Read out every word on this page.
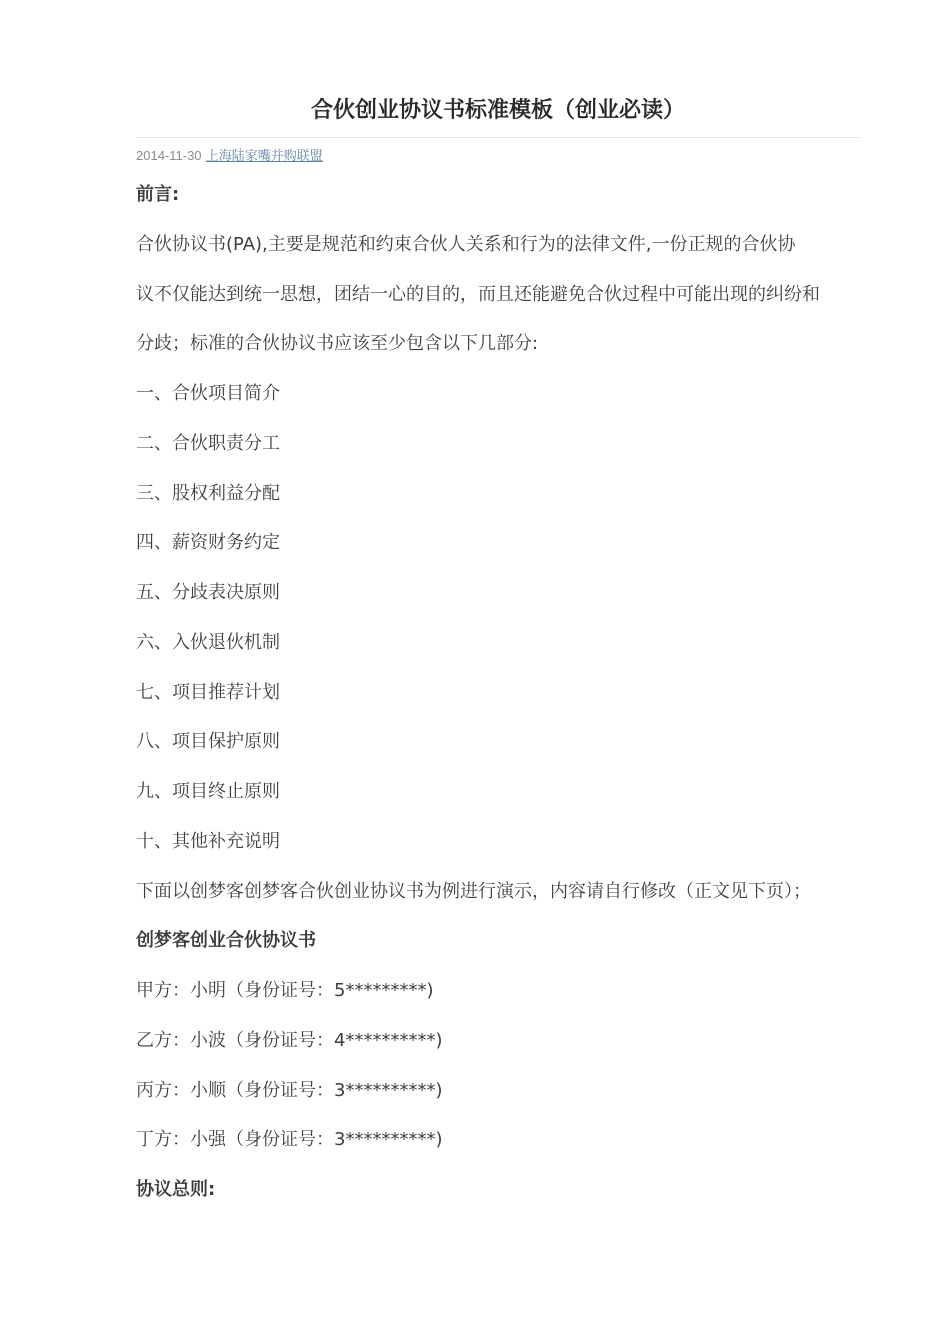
合伙创业协议书标准模板（创业必读）
2014-11-30 上海陆家嘴并购联盟
前言:
合伙协议书(PA),主要是规范和约束合伙人关系和行为的法律文件,一份正规的合伙协
议不仅能达到统一思想，团结一心的目的，而且还能避免合伙过程中可能出现的纠纷和
分歧；标准的合伙协议书应该至少包含以下几部分:
一、合伙项目简介
二、合伙职责分工
三、股权利益分配
四、薪资财务约定
五、分歧表决原则
六、入伙退伙机制
七、项目推荐计划
八、项目保护原则
九、项目终止原则
十、其他补充说明
下面以创梦客创梦客合伙创业协议书为例进行演示，内容请自行修改（正文见下页）；
创梦客创业合伙协议书
甲方：小明（身份证号：5*********)
乙方：小波（身份证号：4**********)
丙方：小顺（身份证号：3**********)
丁方：小强（身份证号：3**********)
协议总则:
